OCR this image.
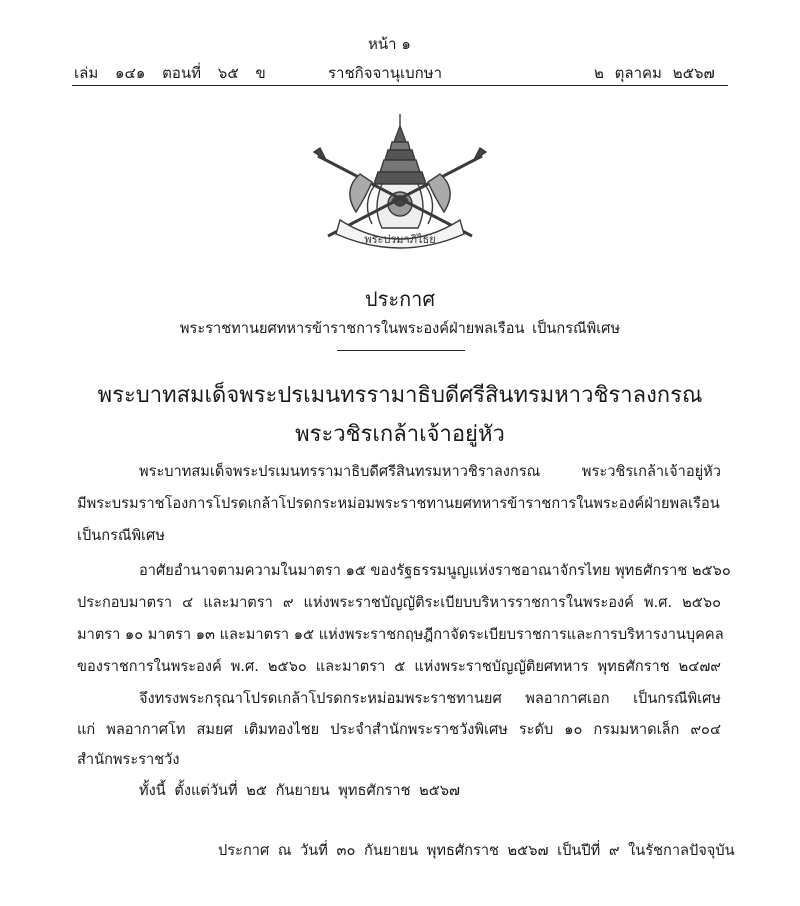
หน้า ๑
เล่ม ๑๔๑ ตอนที่ ๖๕ ข	ราชกิจจานุเบกษา	๒ ตุลาคม ๒๕๖๗
พระปรมาภิไธย
ประกาศ
พระราชทานยศทหารข้าราชการในพระองค์ฝ่ายพลเรือน เป็นกรณีพิเศษ
พระบาทสมเด็จพระปรเมนทรรามาธิบดีศรีสินทรมหาวชิราลงกรณ
พระวชิรเกล้าเจ้าอยู่หัว
พระบาทสมเด็จพระปรเมนทรรามาธิบดีศรีสินทรมหาวชิราลงกรณ พระวชิรเกล้าเจ้าอยู่หัว
มีพระบรมราชโองการโปรดเกล้าโปรดกระหม่อมพระราชทานยศทหารข้าราชการในพระองค์ฝ่ายพลเรือน
เป็นกรณีพิเศษ
อาศัยอำนาจตามความในมาตรา ๑๕ ของรัฐธรรมนูญแห่งราชอาณาจักรไทย พุทธศักราช ๒๕๖๐
ประกอบมาตรา ๔ และมาตรา ๙ แห่งพระราชบัญญัติระเบียบบริหารราชการในพระองค์ พ.ศ. ๒๕๖๐
มาตรา ๑๐ มาตรา ๑๓ และมาตรา ๑๕ แห่งพระราชกฤษฎีกาจัดระเบียบราชการและการบริหารงานบุคคล
ของราชการในพระองค์ พ.ศ. ๒๕๖๐ และมาตรา ๕ แห่งพระราชบัญญัติยศทหาร พุทธศักราช ๒๔๗๙
จึงทรงพระกรุณาโปรดเกล้าโปรดกระหม่อมพระราชทานยศ พลอากาศเอก เป็นกรณีพิเศษ
แก่ พลอากาศโท สมยศ เติมทองไชย ประจำสำนักพระราชวังพิเศษ ระดับ ๑๐ กรมมหาดเล็ก ๙๐๔
สำนักพระราชวัง
ทั้งนี้ ตั้งแต่วันที่ ๒๕ กันยายน พุทธศักราช ๒๕๖๗
ประกาศ ณ วันที่ ๓๐ กันยายน พุทธศักราช ๒๕๖๗ เป็นปีที่ ๙ ในรัชกาลปัจจุบัน
